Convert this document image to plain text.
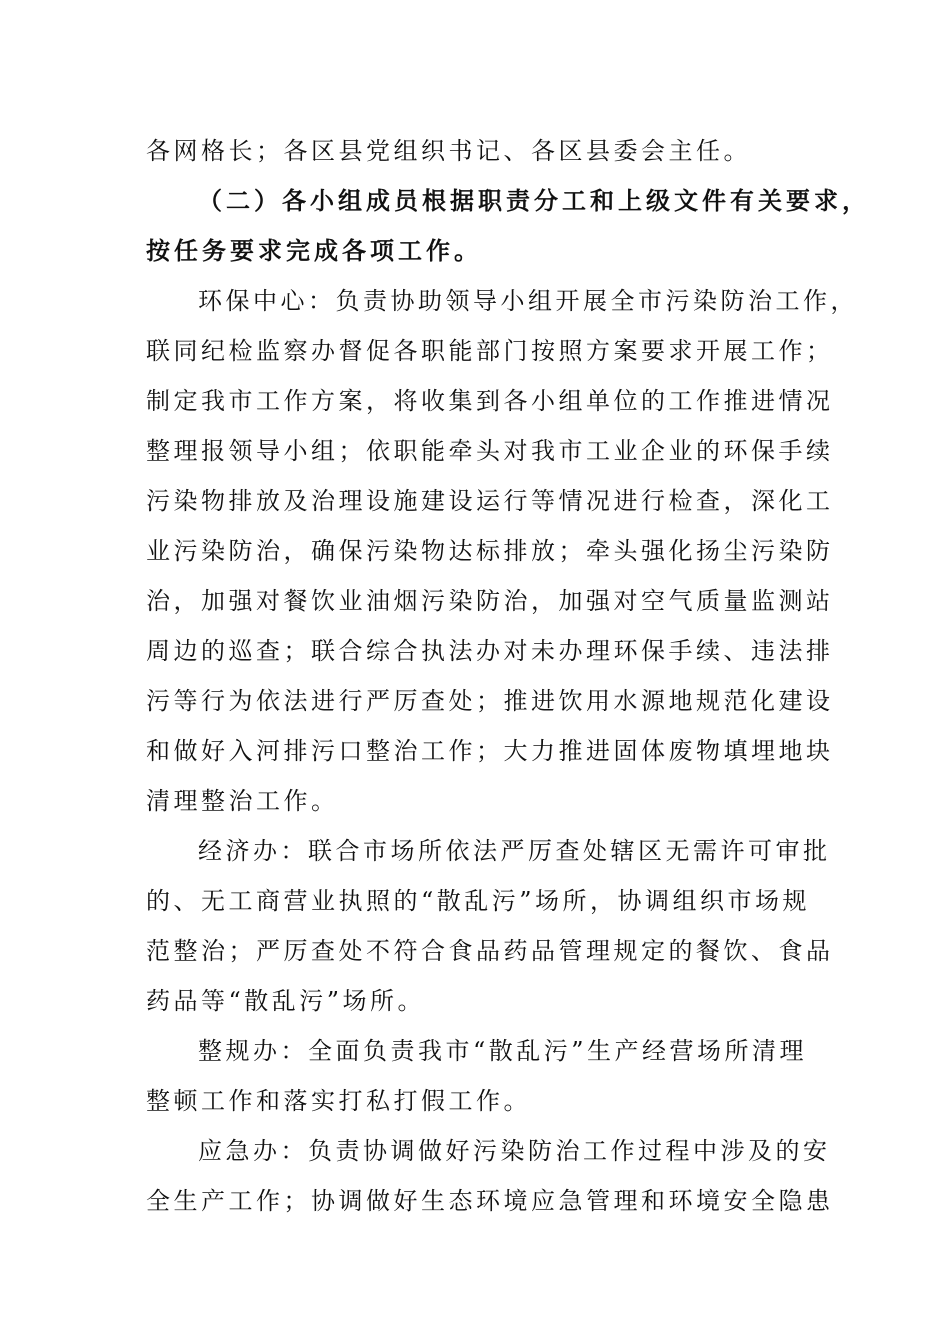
各网格长；各区县党组织书记、各区县委会主任。
（二）各小组成员根据职责分工和上级文件有关要求，
按任务要求完成各项工作。
环保中心：负责协助领导小组开展全市污染防治工作，
联同纪检监察办督促各职能部门按照方案要求开展工作；
制定我市工作方案，将收集到各小组单位的工作推进情况
整理报领导小组；依职能牵头对我市工业企业的环保手续
污染物排放及治理设施建设运行等情况进行检查，深化工
业污染防治，确保污染物达标排放；牵头强化扬尘污染防
治，加强对餐饮业油烟污染防治，加强对空气质量监测站
周边的巡查；联合综合执法办对未办理环保手续、违法排
污等行为依法进行严厉查处；推进饮用水源地规范化建设
和做好入河排污口整治工作；大力推进固体废物填埋地块
清理整治工作。
经济办：联合市场所依法严厉查处辖区无需许可审批
的、无工商营业执照的“散乱污”场所，协调组织市场规
范整治；严厉查处不符合食品药品管理规定的餐饮、食品
药品等“散乱污”场所。
整规办：全面负责我市“散乱污”生产经营场所清理
整顿工作和落实打私打假工作。
应急办：负责协调做好污染防治工作过程中涉及的安
全生产工作；协调做好生态环境应急管理和环境安全隐患
